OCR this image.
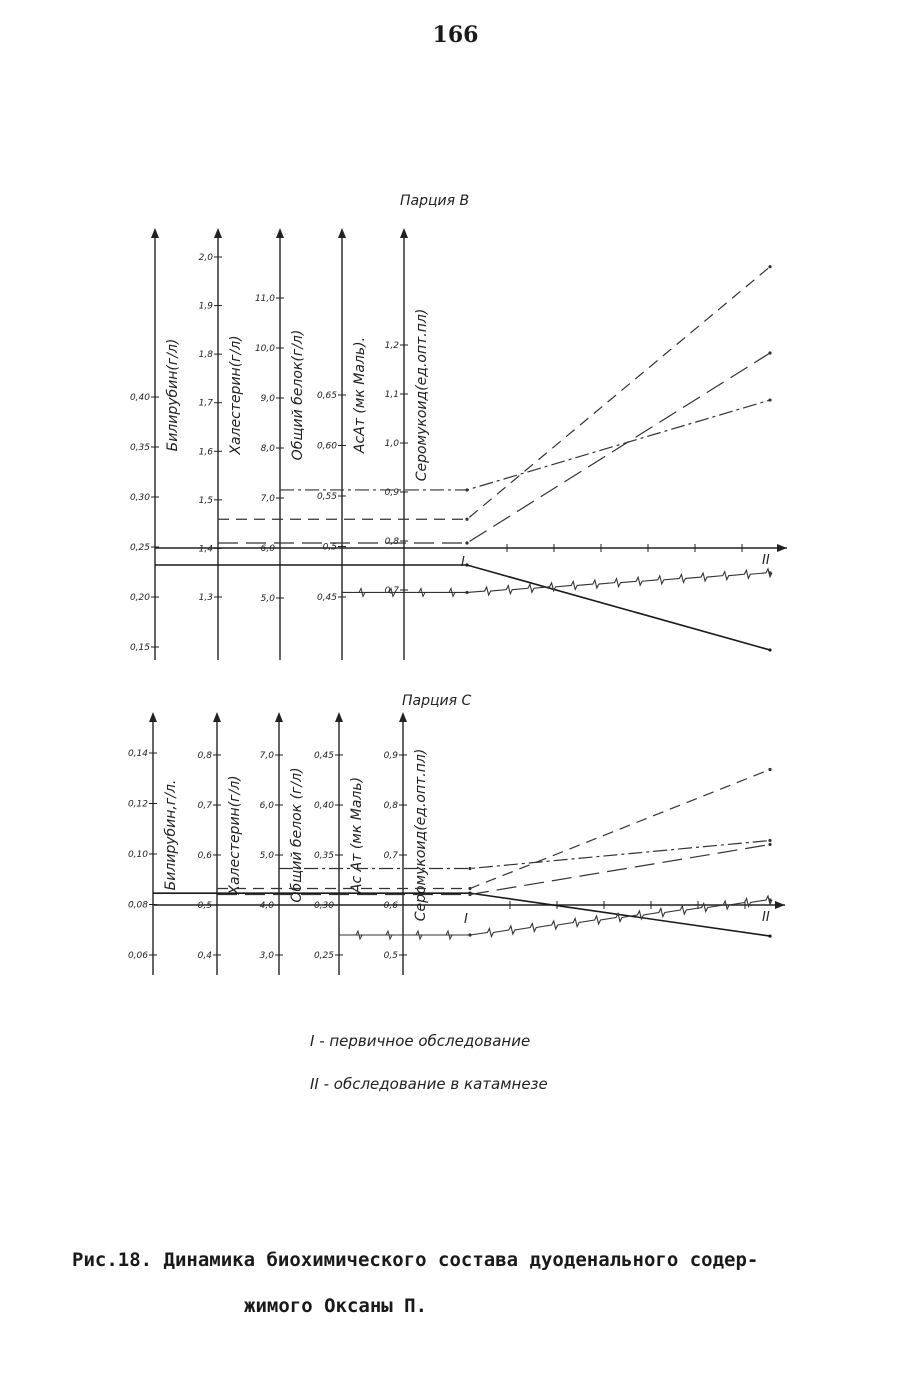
166
Парция В
I	II
0,15
0,20
0,25
0,30
0,35
0,40 Билирубин(г/л)
1,3
1,4
1,5
1,6
1,7
1,8
1,9
2,0
Халестерин(г/л)
5,0
6,0
7,0
8,0
9,0
10,0
11,0
Общий белок(г/л)
0,45
0,5
0,55
0,60
0,65 АсАт (мк Маль).
0,7
0,8
0,9
1,0
1,1
1,2 Серомукоид(ед.опт.пл)
Парция С
I	II
0,06
0,08
0,10
0,12
0,14
Билирубин,г/л.
0,4
0,5
0,6
0,7
0,8
Халестерин(г/л)
3,0
4,0
5,0
6,0
7,0
Общий белок (г/л)
0,25
0,30
0,35
0,40
0,45
Ас Ат (мк Маль)
0,5
0,6
0,7
0,8
0,9 Серомукоид(ед.опт.пл)
I - первичное обследование
II - обследование в катамнезе
Рис.18. Динамика биохимического состава дуоденального содер-
жимого Оксаны П.
